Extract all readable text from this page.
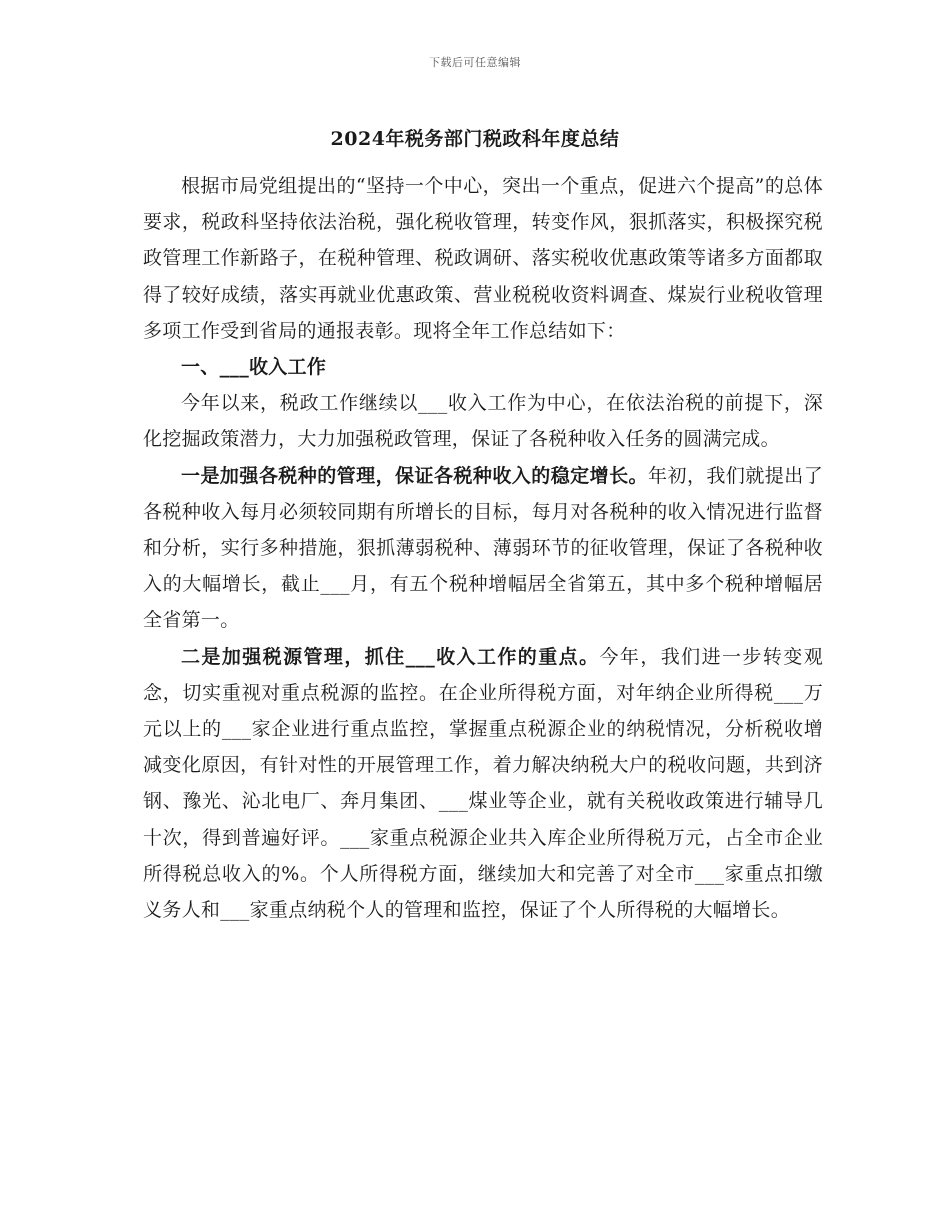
下载后可任意编辑
2024年税务部门税政科年度总结

根据市局党组提出的“坚持一个中心，突出一个重点，促进六个提高”的总体要求，税政科坚持依法治税，强化税收管理，转变作风，狠抓落实，积极探究税政管理工作新路子，在税种管理、税政调研、落实税收优惠政策等诸多方面都取得了较好成绩，落实再就业优惠政策、营业税税收资料调查、煤炭行业税收管理多项工作受到省局的通报表彰。现将全年工作总结如下：

一、___收入工作

今年以来，税政工作继续以___收入工作为中心，在依法治税的前提下，深化挖掘政策潜力，大力加强税政管理，保证了各税种收入任务的圆满完成。

一是加强各税种的管理，保证各税种收入的稳定增长。年初，我们就提出了各税种收入每月必须较同期有所增长的目标，每月对各税种的收入情况进行监督和分析，实行多种措施，狠抓薄弱税种、薄弱环节的征收管理，保证了各税种收入的大幅增长，截止___月，有五个税种增幅居全省第五，其中多个税种增幅居全省第一。

二是加强税源管理，抓住___收入工作的重点。今年，我们进一步转变观念，切实重视对重点税源的监控。在企业所得税方面，对年纳企业所得税___万元以上的___家企业进行重点监控，掌握重点税源企业的纳税情况，分析税收增减变化原因，有针对性的开展管理工作，着力解决纳税大户的税收问题，共到济钢、豫光、沁北电厂、奔月集团、___煤业等企业，就有关税收政策进行辅导几十次，得到普遍好评。___家重点税源企业共入库企业所得税万元，占全市企业所得税总收入的%。个人所得税方面，继续加大和完善了对全市___家重点扣缴义务人和___家重点纳税个人的管理和监控，保证了个人所得税的大幅增长。
